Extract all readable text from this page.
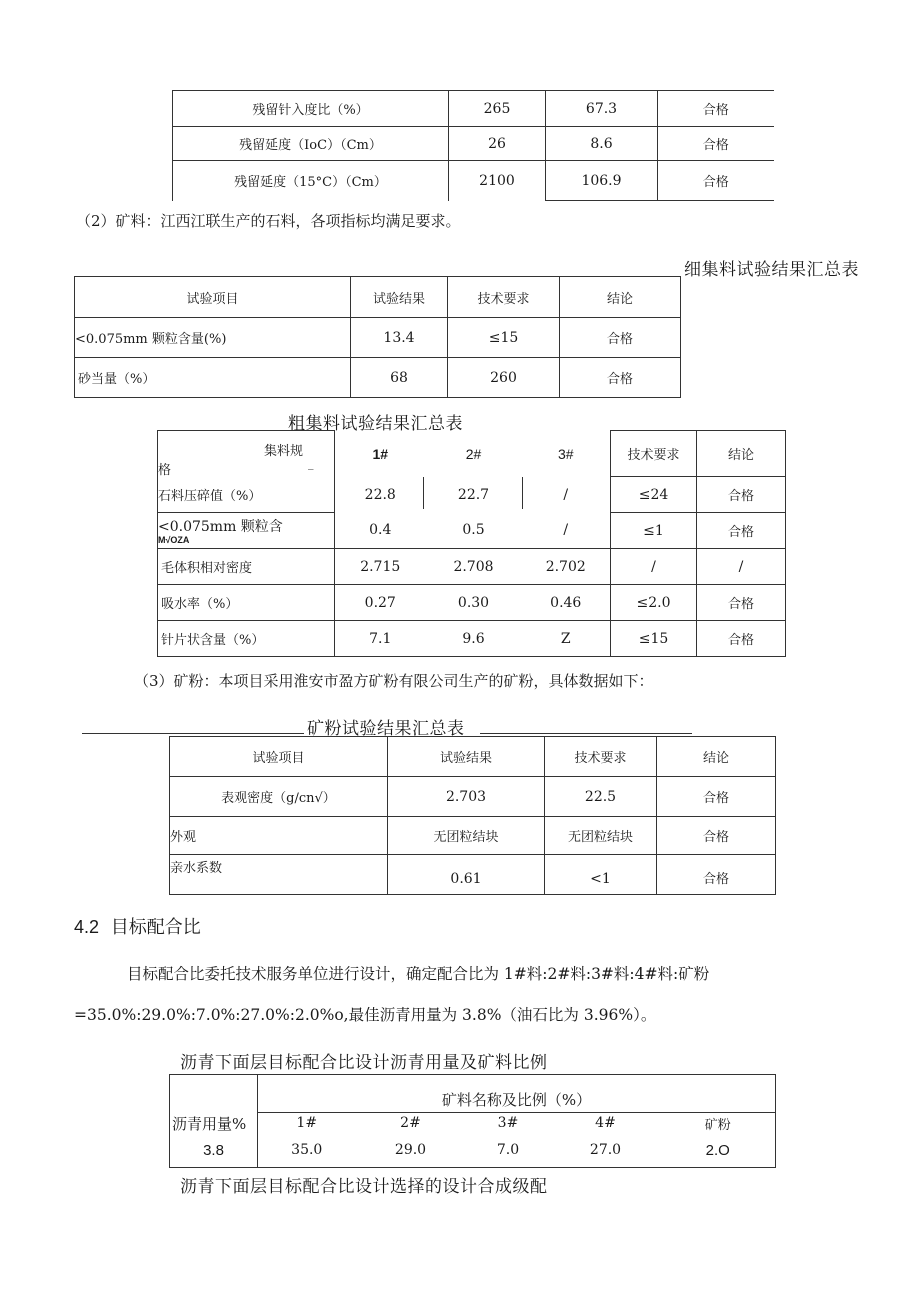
残留针入度比（%）	265	67.3	合格
残留延度（IoC）（Cm）	26	8.6	合格
残留延度（15°C）（Cm）	2100	106.9	合格
（2）矿料：江西江联生产的石料，各项指标均满足要求。
细集料试验结果汇总表
试验项目	试验结果	技术要求	结论
<0.075mm 颗粒含量(%)	13.4	≤15	合格
砂当量（%）	68	260	合格
粗集料试验结果汇总表
集料规
格 _	1#	2#	3#	技术要求	结论
石料压碎值（%）	22.8	22.7	/	≤24	合格

<0.075mm 颗粒含
M√OZA	0.4	0.5	/	≤1	合格
毛体积相对密度	2.715	2.708	2.702	/	/
吸水率（%）	0.27	0.30	0.46	≤2.0	合格
针片状含量（%）	7.1	9.6	Z	≤15	合格
（3）矿粉：本项目采用淮安市盈方矿粉有限公司生产的矿粉，具体数据如下：
矿粉试验结果汇总表
试验项目	试验结果	技术要求	结论
表观密度（g/cn√）	2.703	22.5	合格
外观	无团粒结块	无团粒结块	合格
亲水系数	0.61	<1	合格
4.2 目标配合比
目标配合比委托技术服务单位进行设计，确定配合比为 1#料:2#料:3#料:4#料:矿粉
=35.0%:29.0%:7.0%:27.0%:2.0%o,最佳沥青用量为 3.8%（油石比为 3.96%）。
沥青下面层目标配合比设计沥青用量及矿料比例
	矿料名称及比例（%）				
沥青用量%	1#	2#	3#	4#	矿粉
3.8	35.0	29.0	7.0	27.0	2.O
沥青下面层目标配合比设计选择的设计合成级配
